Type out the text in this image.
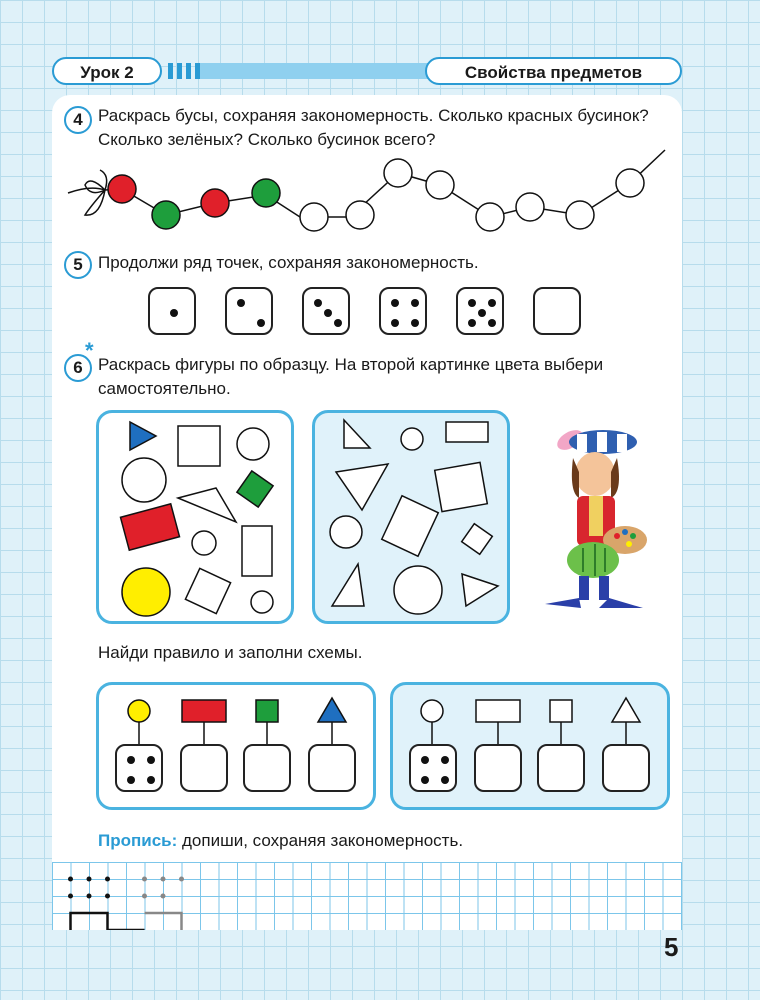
Урок 2	Свойства предметов
4 Раскрась бусы, сохраняя закономерность. Сколько красных бусинок? Сколько зелёных? Сколько бусинок всего?
5 Продолжи ряд точек, сохраняя закономерность.
6
*
Раскрась фигуры по образцу. На второй картинке цвета выбери самостоятельно.
Найди правило и заполни схемы.
Пропись: допиши, сохраняя закономерность.
5
